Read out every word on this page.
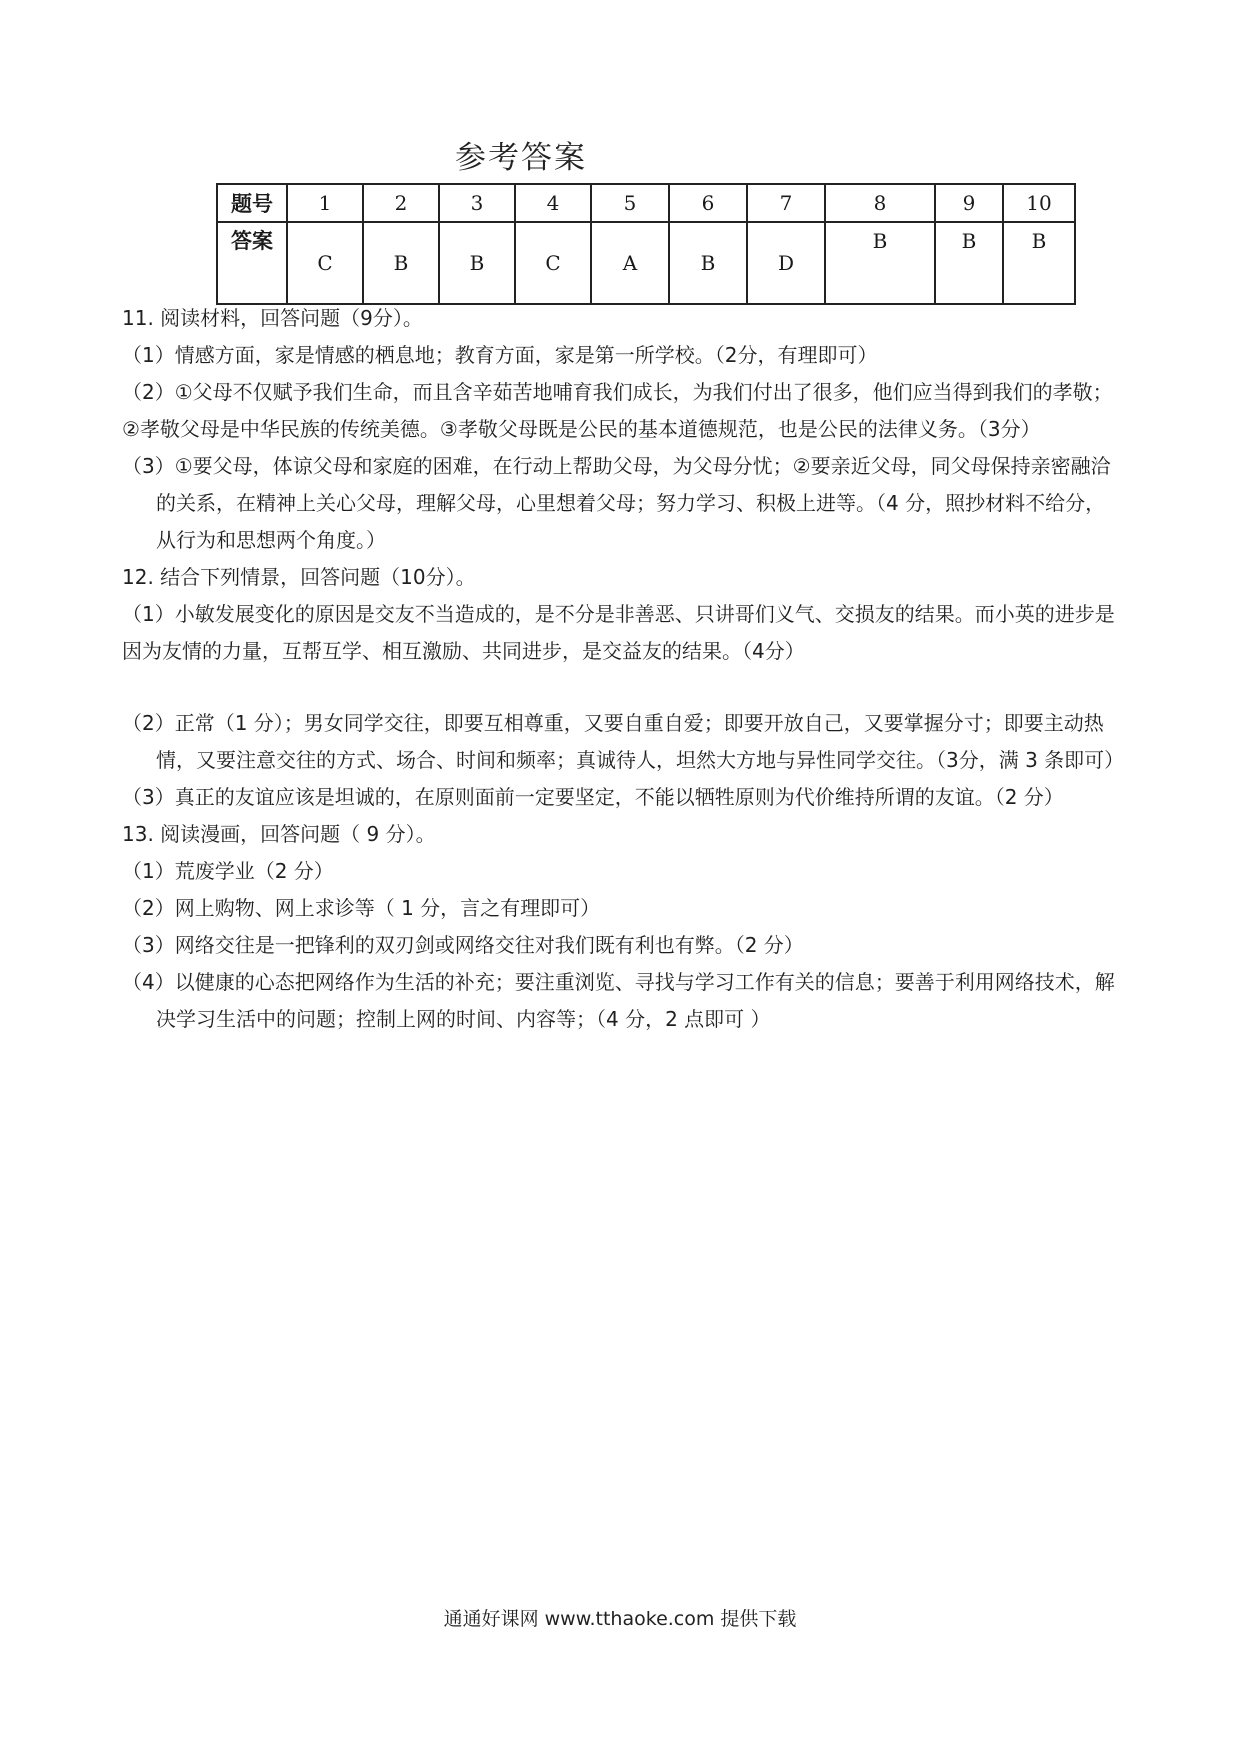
参考答案
题号	1	2	3	4	5	6	7	8	9	10
答案	C	B	B	C	A	B	D	B	B	B

11. 阅读材料，回答问题（9分）。

（1）情感方面，家是情感的栖息地；教育方面，家是第一所学校。（2分，有理即可）

（2）①父母不仅赋予我们生命，而且含辛茹苦地哺育我们成长，为我们付出了很多，他们应当得到我们的孝敬； ②孝敬父母是中华民族的传统美德。③孝敬父母既是公民的基本道德规范，也是公民的法律义务。（3分）

（3）①要父母，体谅父母和家庭的困难，在行动上帮助父母，为父母分忧；②要亲近父母，同父母保持亲密融洽的关系，在精神上关心父母，理解父母，心里想着父母；努力学习、积极上进等。（4 分，照抄材料不给分，从行为和思想两个角度。）

12. 结合下列情景，回答问题（10分）。

（1）小敏发展变化的原因是交友不当造成的，是不分是非善恶、只讲哥们义气、交损友的结果。而小英的进步是因为友情的力量，互帮互学、相互激励、共同进步，是交益友的结果。（4分）

（2）正常（1 分）；男女同学交往，即要互相尊重，又要自重自爱；即要开放自己，又要掌握分寸；即要主动热情，又要注意交往的方式、场合、时间和频率；真诚待人，坦然大方地与异性同学交往。（3分，满 3 条即可）

（3）真正的友谊应该是坦诚的，在原则面前一定要坚定，不能以牺牲原则为代价维持所谓的友谊。（2 分）

13. 阅读漫画，回答问题（ 9 分）。

（1）荒废学业（2 分）

（2）网上购物、网上求诊等（ 1 分，言之有理即可）

（3）网络交往是一把锋利的双刃剑或网络交往对我们既有利也有弊。（2 分）

（4）以健康的心态把网络作为生活的补充；要注重浏览、寻找与学习工作有关的信息；要善于利用网络技术，解决学习生活中的问题；控制上网的时间、内容等；（4 分，2 点即可 ）

通通好课网 www.tthaoke.com 提供下载
